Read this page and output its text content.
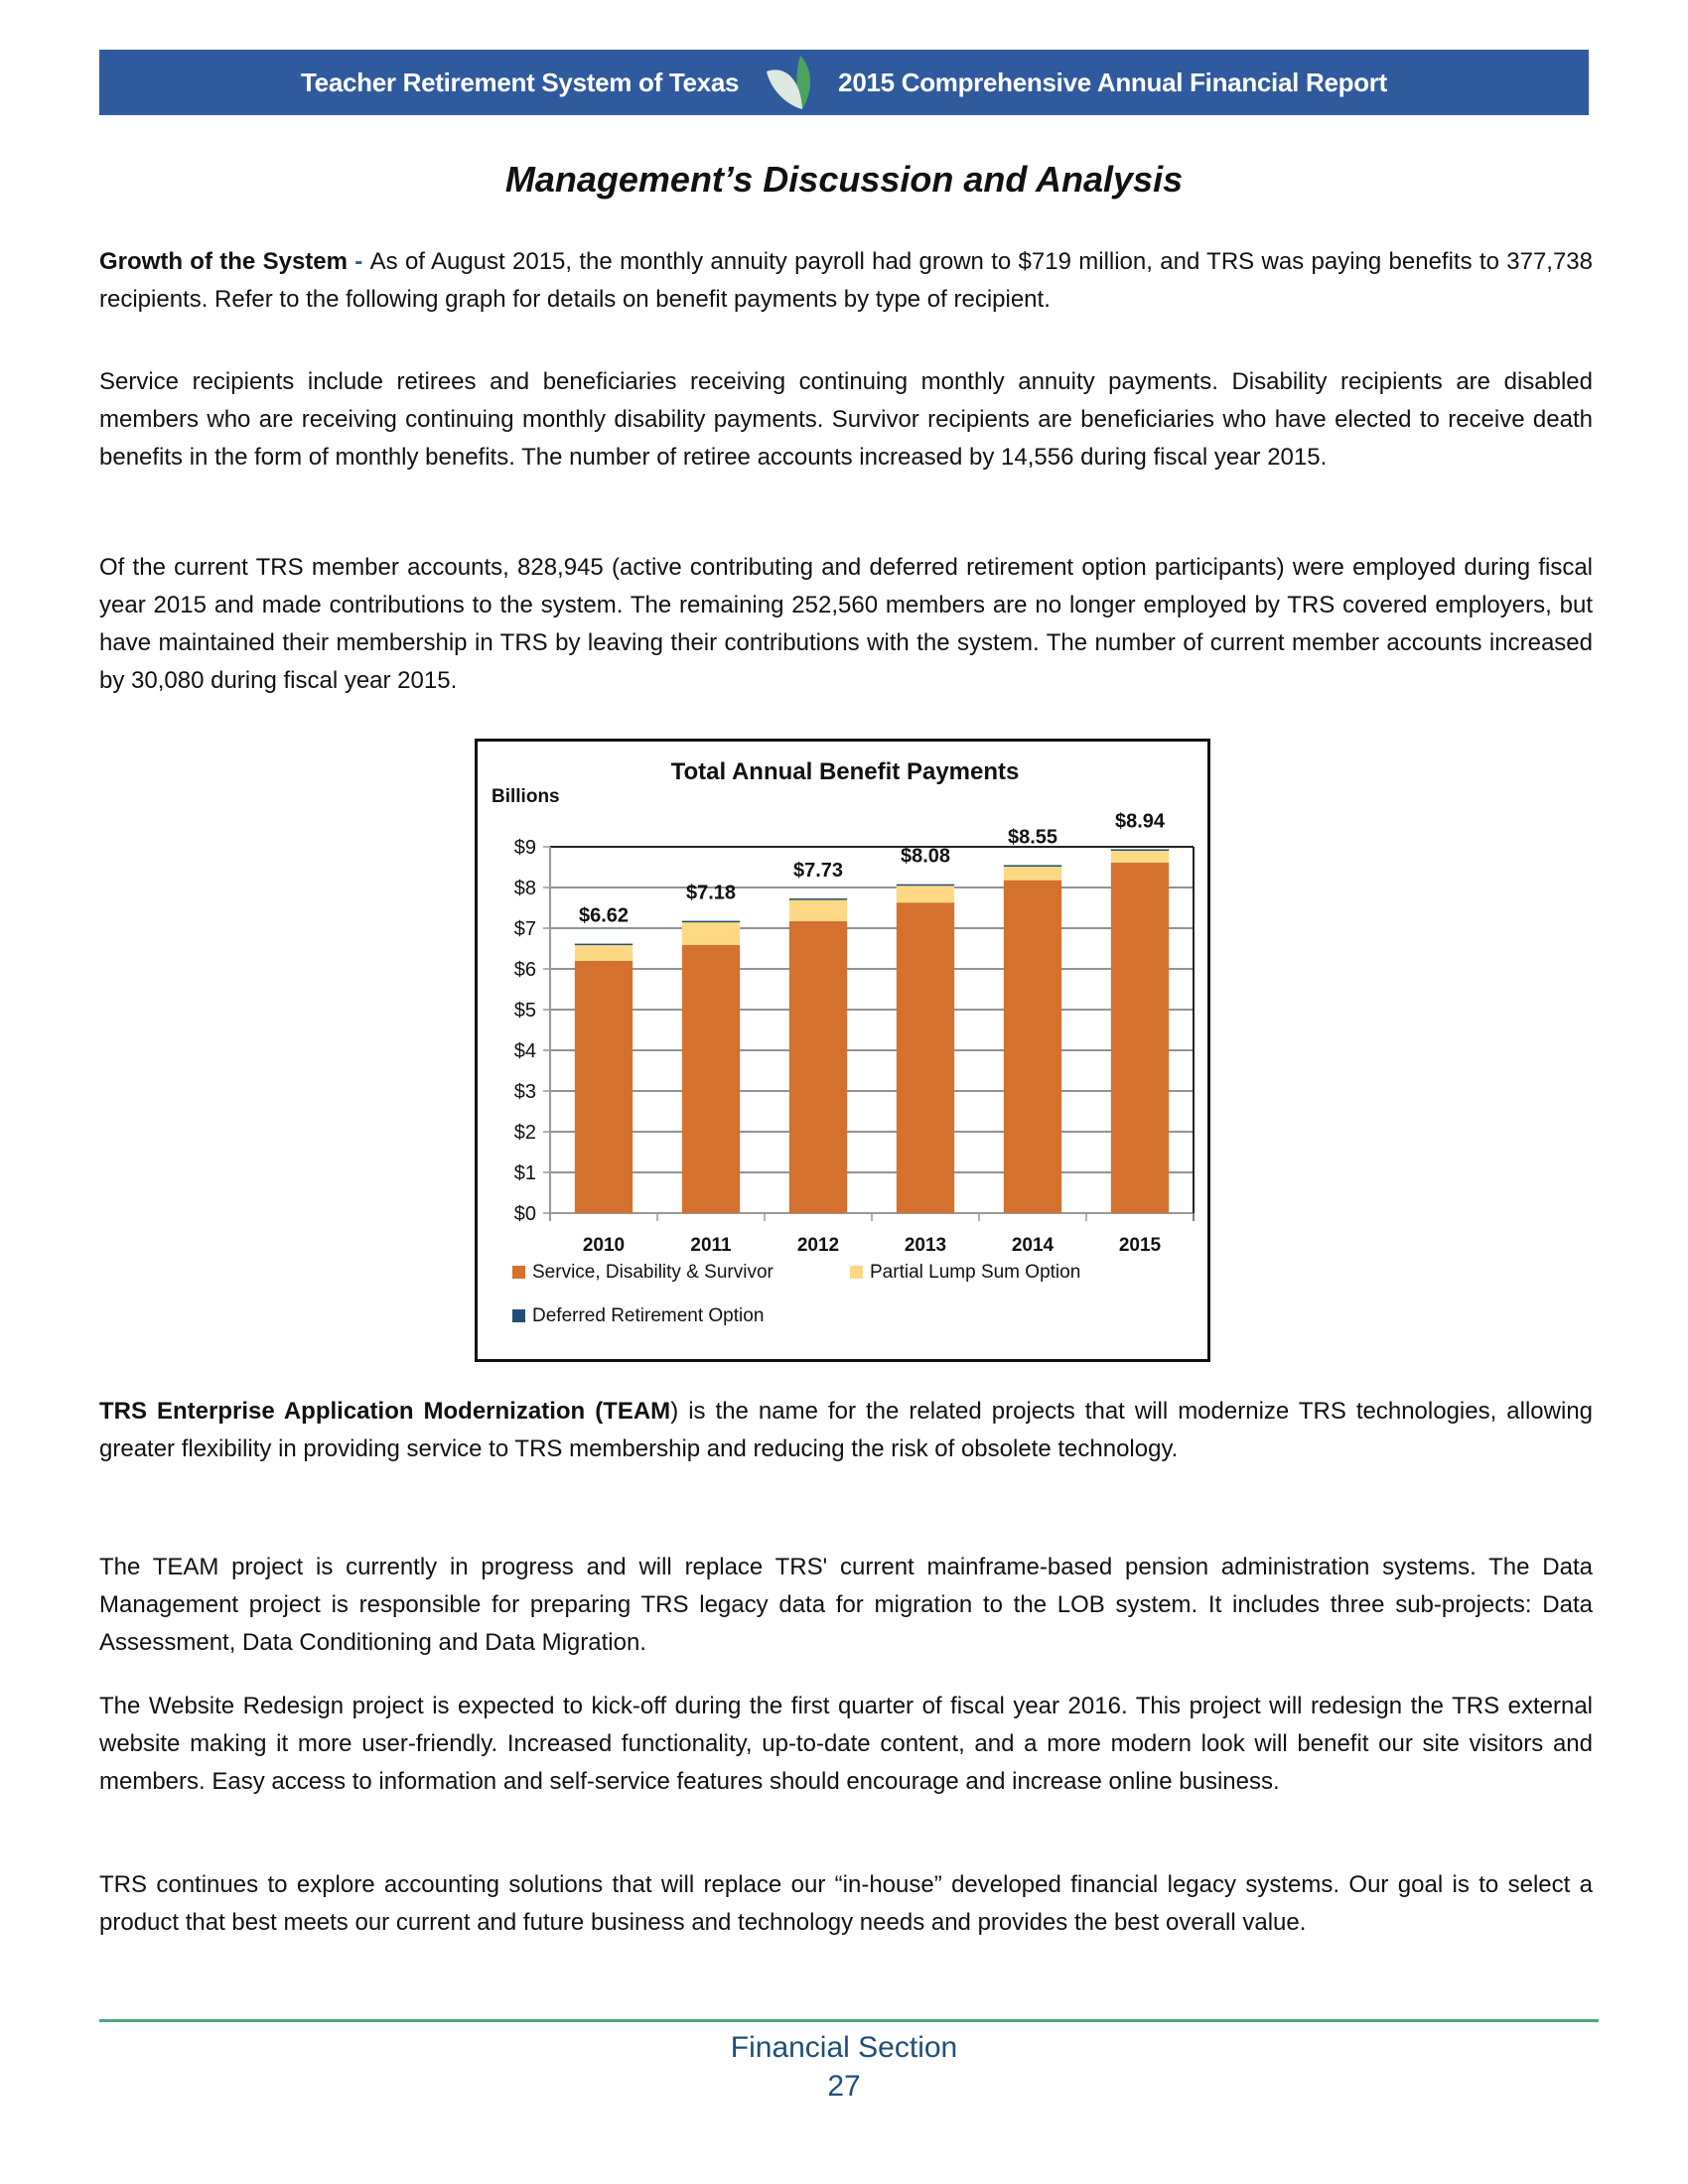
Teacher Retirement System of Texas	2015 Comprehensive Annual Financial Report
Management’s Discussion and Analysis
Growth of the System - As of August 2015, the monthly annuity payroll had grown to $719 million, and TRS was paying benefits to 377,738 recipients. Refer to the following graph for details on benefit payments by type of recipient.
Service recipients include retirees and beneficiaries receiving continuing monthly annuity payments. Disability recipients are disabled members who are receiving continuing monthly disability payments. Survivor recipients are beneficiaries who have elected to receive death benefits in the form of monthly benefits. The number of retiree accounts increased by 14,556 during fiscal year 2015.
Of the current TRS member accounts, 828,945 (active contributing and deferred retirement option participants) were employed during fiscal year 2015 and made contributions to the system. The remaining 252,560 members are no longer employed by TRS covered employers, but have maintained their membership in TRS by leaving their contributions with the system. The number of current member accounts increased by 30,080 during fiscal year 2015.
Total Annual Benefit Payments
Billions
$0
$1
$2
$3
$4
$5
$6
$7
$8
$9
$6.62
2010
$7.18
2011
$7.73
2012
$8.08
2013
$8.55
2014
$8.94
2015
Service, Disability & Survivor	Partial Lump Sum Option
Deferred Retirement Option
TRS Enterprise Application Modernization (TEAM) is the name for the related projects that will modernize TRS technologies, allowing greater flexibility in providing service to TRS membership and reducing the risk of obsolete technology.
The TEAM project is currently in progress and will replace TRS' current mainframe-based pension administration systems. The Data Management project is responsible for preparing TRS legacy data for migration to the LOB system. It includes three sub-projects: Data Assessment, Data Conditioning and Data Migration.
The Website Redesign project is expected to kick-off during the first quarter of fiscal year 2016. This project will redesign the TRS external website making it more user-friendly. Increased functionality, up-to-date content, and a more modern look will benefit our site visitors and members. Easy access to information and self-service features should encourage and increase online business.
TRS continues to explore accounting solutions that will replace our “in-house” developed financial legacy systems. Our goal is to select a product that best meets our current and future business and technology needs and provides the best overall value.
Financial Section
27
